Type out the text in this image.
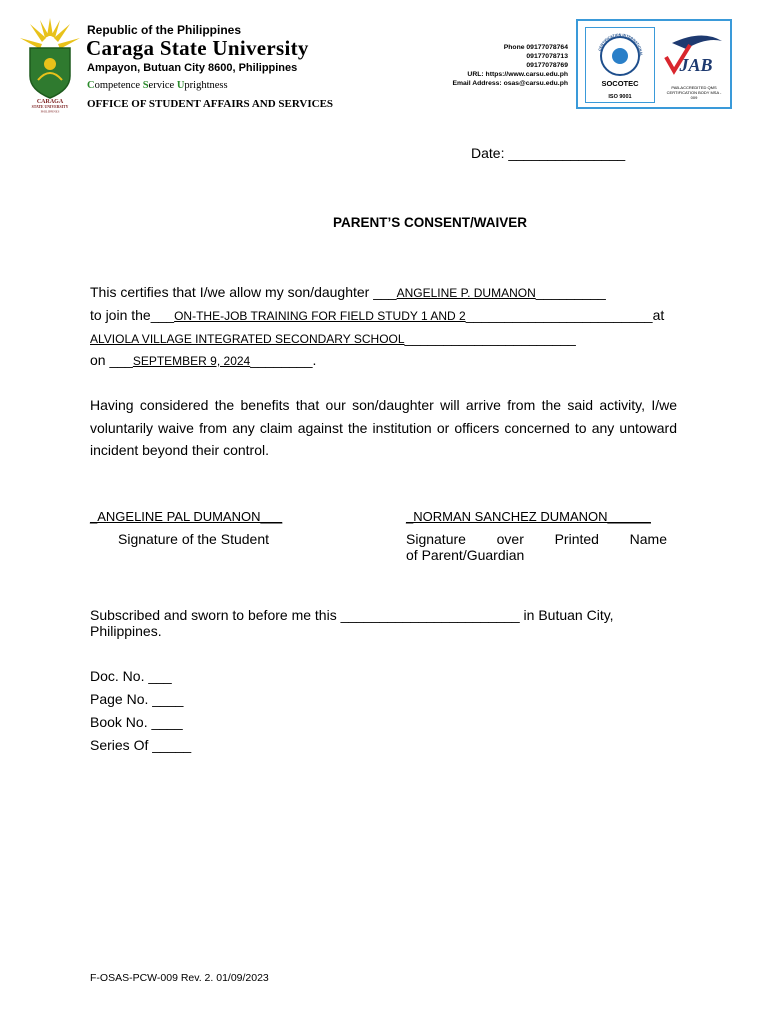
CARAGA
STATE UNIVERSITY
PHILIPPINES
Republic of the Philippines
Caraga State University
Ampayon, Butuan City 8600, Philippines
Competence Service Uprightness
OFFICE OF STUDENT AFFAIRS AND SERVICES
Phone 09177078764
09177078713
09177078769
URL: https://www.carsu.edu.ph
Email Address: osas@carsu.edu.ph
CERTIFICATION INTERNATIONAL
SOCOTEC
ISO 9001
JAB
PAB-ACCREDITED QMS CERTIFICATION BODY MSA - 009
Date: _______________
PARENT’S CONSENT/WAIVER
This certifies that I/we allow my son/daughter ___ANGELINE P. DUMANON_________
to join the___ON-THE-JOB TRAINING FOR FIELD STUDY 1 AND 2________________________at
ALVIOLA VILLAGE INTEGRATED SECONDARY SCHOOL______________________
on ___SEPTEMBER 9, 2024________.
Having considered the benefits that our son/daughter will arrive from the said activity, I/we voluntarily waive from any claim against the institution or officers concerned to any untoward incident beyond their control.
_ANGELINE PAL DUMANON___
Signature of the Student
_NORMAN SANCHEZ DUMANON______
Signature over Printed Name
of Parent/Guardian
Subscribed and sworn to before me this _______________________ in Butuan City,
Philippines.
Doc. No. ___
Page No. ____
Book No. ____
Series Of _____
F-OSAS-PCW-009 Rev. 2. 01/09/2023
